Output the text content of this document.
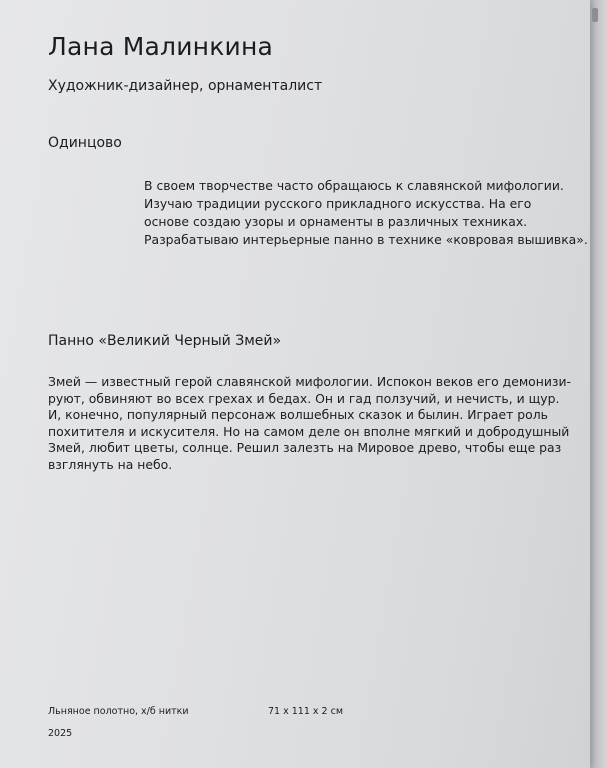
Лана Малинкина
Художник-дизайнер, орнаменталист
Одинцово
В своем творчестве часто обращаюсь к славянской мифологии.
Изучаю традиции русского прикладного искусства. На его
основе создаю узоры и орнаменты в различных техниках.
Разрабатываю интерьерные панно в технике «ковровая вышивка».
Панно «Великий Черный Змей»
Змей — известный герой славянской мифологии. Испокон веков его демонизи-
руют, обвиняют во всех грехах и бедах. Он и гад ползучий, и нечисть, и щур.
И, конечно, популярный персонаж волшебных сказок и былин. Играет роль
похитителя и искусителя. Но на самом деле он вполне мягкий и добродушный
Змей, любит цветы, солнце. Решил залезть на Мировое древо, чтобы еще раз
взглянуть на небо.
Льняное полотно, х/б нитки	71 x 111 x 2 см
2025
